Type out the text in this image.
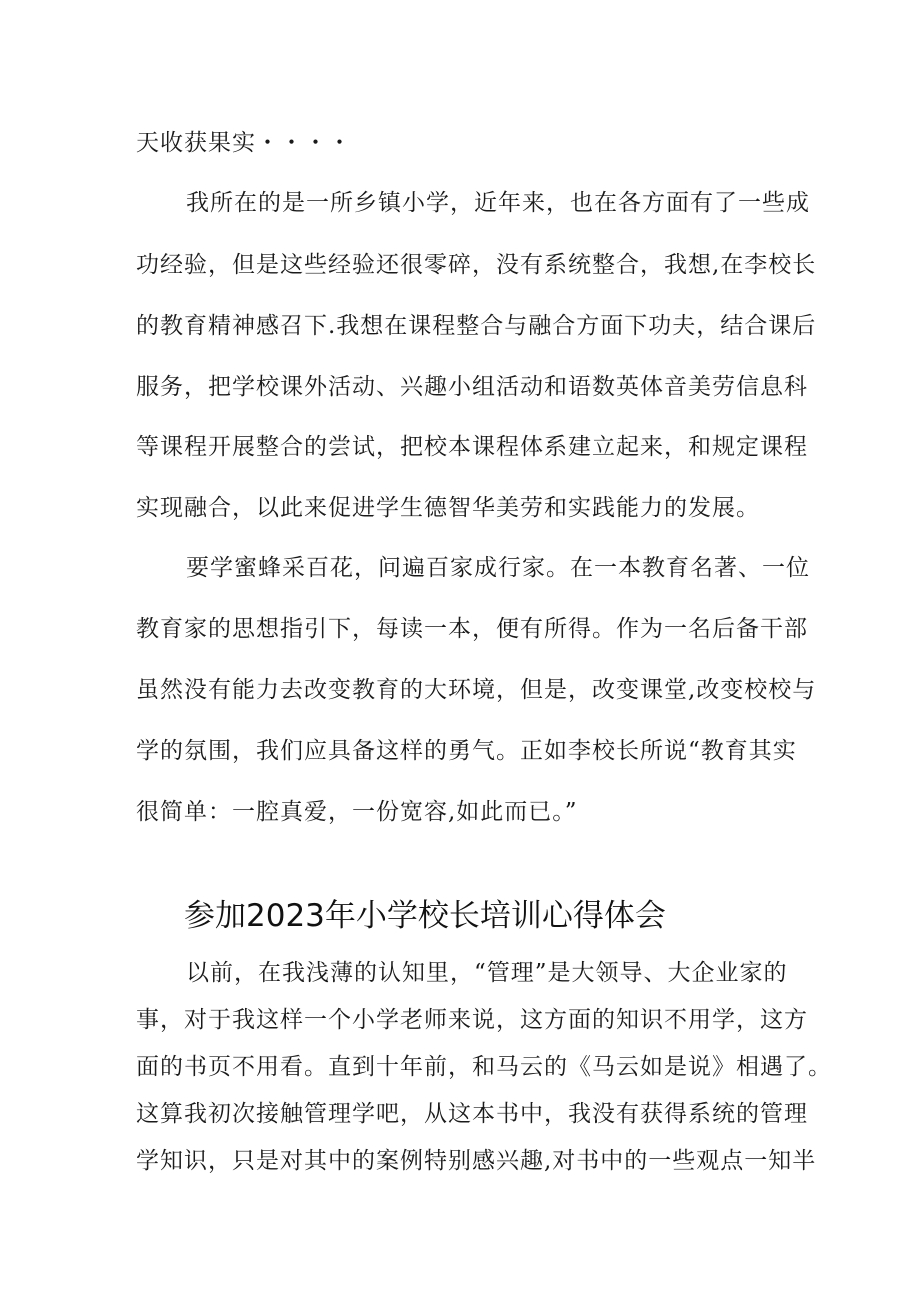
天收获果实・・・・
我所在的是一所乡镇小学，近年来，也在各方面有了一些成
功经验，但是这些经验还很零碎，没有系统整合，我想,在李校长
的教育精神感召下.我想在课程整合与融合方面下功夫，结合课后
服务，把学校课外活动、兴趣小组活动和语数英体音美劳信息科
等课程开展整合的尝试，把校本课程体系建立起来，和规定课程
实现融合，以此来促进学生德智华美劳和实践能力的发展。
要学蜜蜂采百花，问遍百家成行家。在一本教育名著、一位
教育家的思想指引下，每读一本，便有所得。作为一名后备干部
虽然没有能力去改变教育的大环境，但是，改变课堂,改变校校与
学的氛围，我们应具备这样的勇气。正如李校长所说“教育其实
很简单：一腔真爱，一份宽容,如此而已。”
参加2023年小学校长培训心得体会
以前，在我浅薄的认知里，“管理”是大领导、大企业家的
事，对于我这样一个小学老师来说，这方面的知识不用学，这方
面的书页不用看。直到十年前，和马云的《马云如是说》相遇了。
这算我初次接触管理学吧，从这本书中，我没有获得系统的管理
学知识，只是对其中的案例特别感兴趣,对书中的一些观点一知半
